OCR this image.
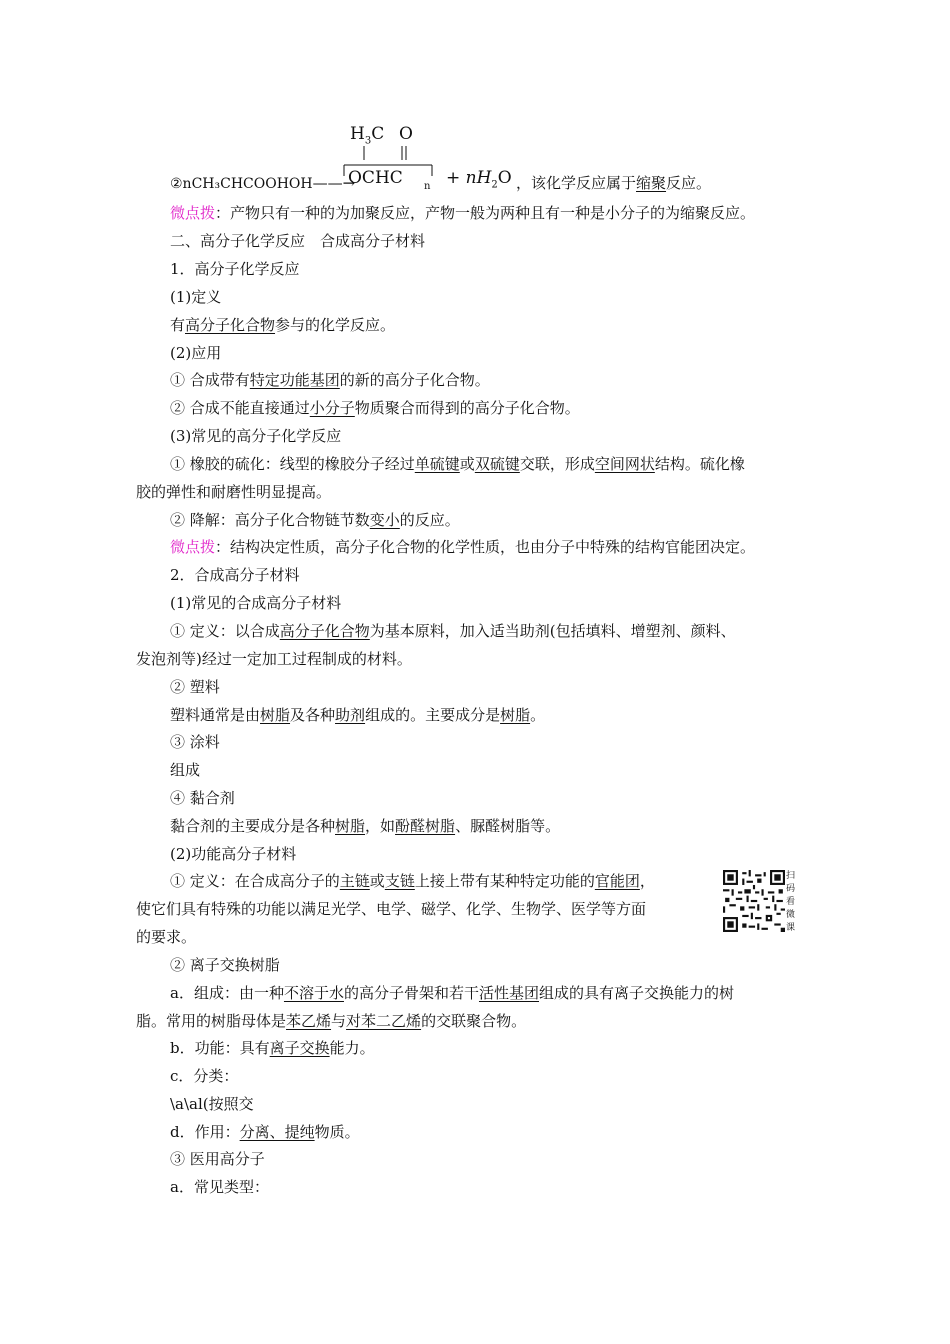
$H_3C$ O
②nCH₃CHCOOHOH——→
OCHC $n + nH_2O$ ，该化学反应属于缩聚反应。
微点拨：产物只有一种的为加聚反应，产物一般为两种且有一种是小分子的为缩聚反应。
二、高分子化学反应　合成高分子材料
1．高分子化学反应
(1)定义
有高分子化合物参与的化学反应。
(2)应用
① 合成带有特定功能基团的新的高分子化合物。
② 合成不能直接通过小分子物质聚合而得到的高分子化合物。
(3)常见的高分子化学反应
① 橡胶的硫化：线型的橡胶分子经过单硫键或双硫键交联，形成空间网状结构。硫化橡
胶的弹性和耐磨性明显提高。
② 降解：高分子化合物链节数变小的反应。
微点拨：结构决定性质，高分子化合物的化学性质，也由分子中特殊的结构官能团决定。
2．合成高分子材料
(1)常见的合成高分子材料
① 定义：以合成高分子化合物为基本原料，加入适当助剂(包括填料、增塑剂、颜料、
发泡剂等)经过一定加工过程制成的材料。
② 塑料
塑料通常是由树脂及各种助剂组成的。主要成分是树脂。
③ 涂料
组成
④ 黏合剂
黏合剂的主要成分是各种树脂，如酚醛树脂、脲醛树脂等。
(2)功能高分子材料
① 定义：在合成高分子的主链或支链上接上带有某种特定功能的官能团，
使它们具有特殊的功能以满足光学、电学、磁学、化学、生物学、医学等方面
的要求。
扫码看微课
② 离子交换树脂
a．组成：由一种不溶于水的高分子骨架和若干活性基团组成的具有离子交换能力的树
脂。常用的树脂母体是苯乙烯与对苯二乙烯的交联聚合物。
b．功能：具有离子交换能力。
c．分类：
\a\al(按照交
d．作用：分离、提纯物质。
③ 医用高分子
a．常见类型：
